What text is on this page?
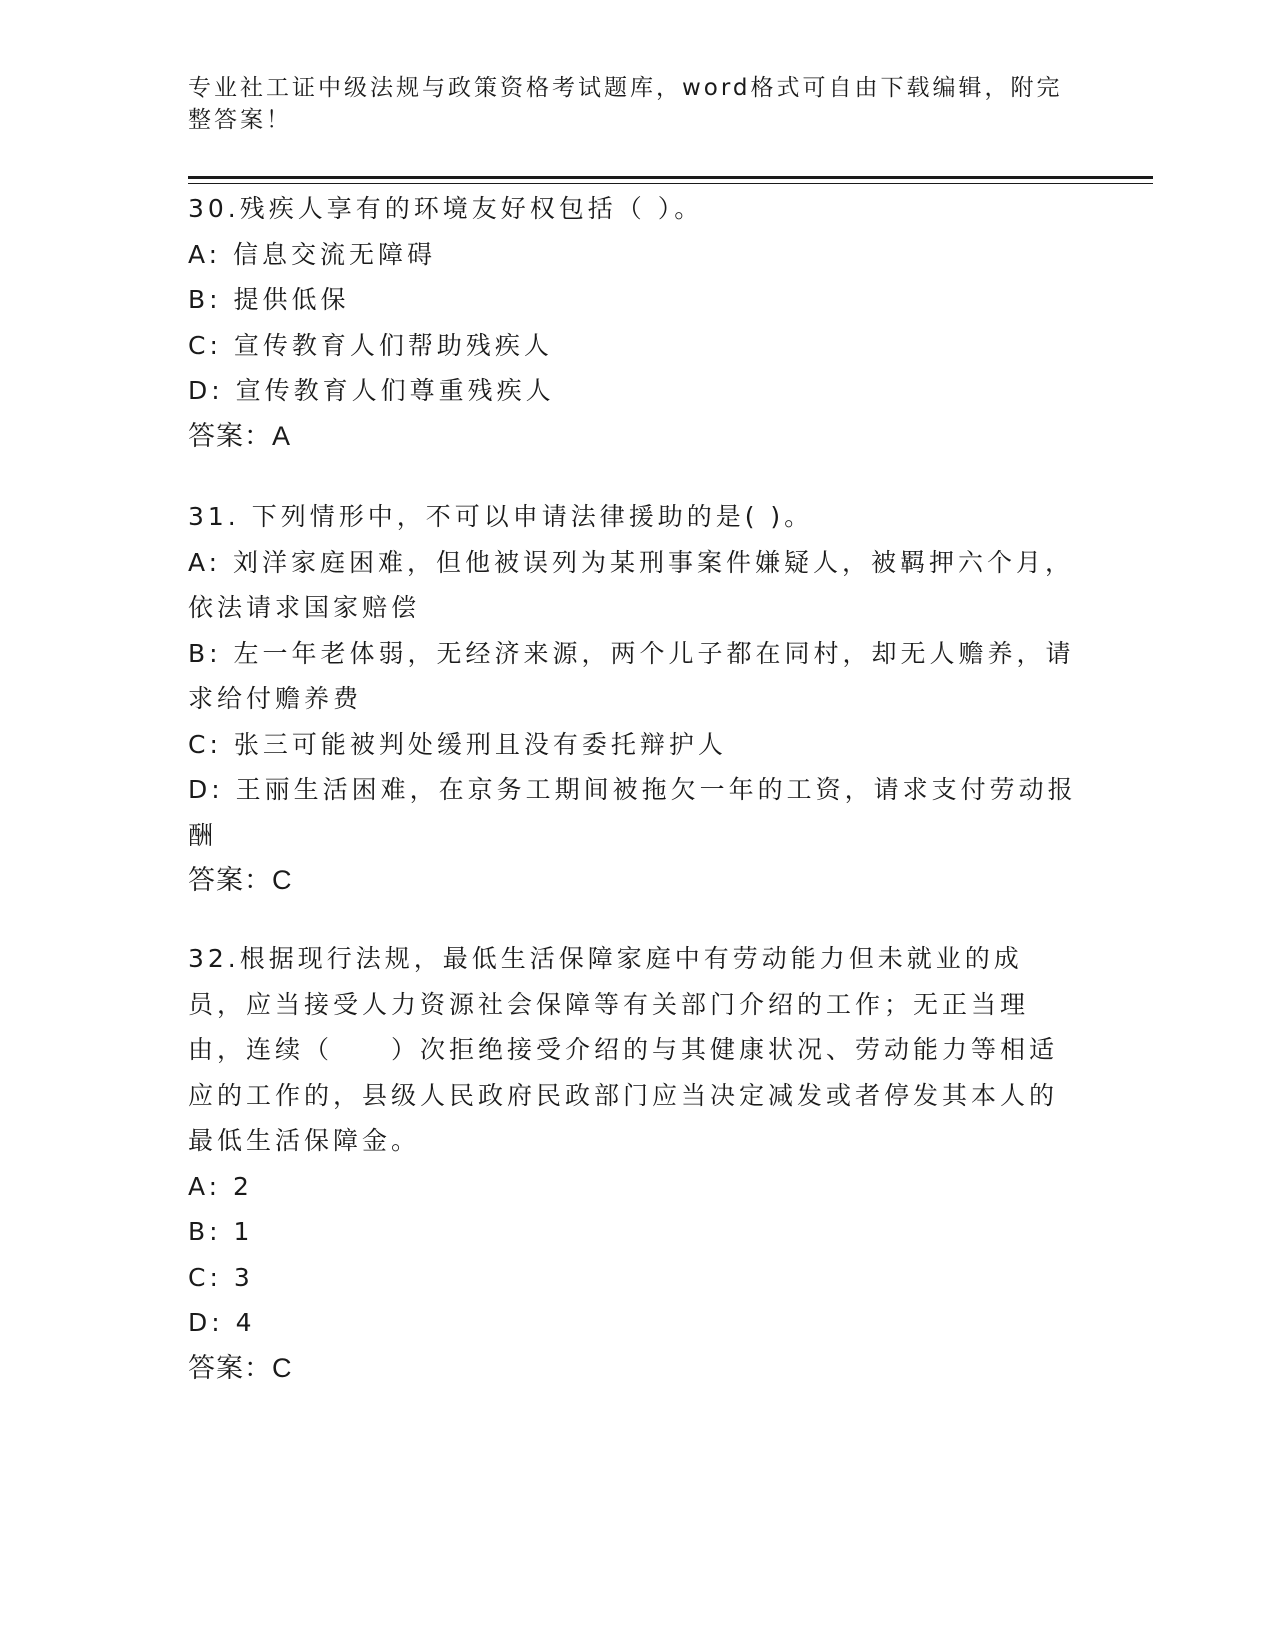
专业社工证中级法规与政策资格考试题库，word格式可自由下载编辑，附完整答案！
30.残疾人享有的环境友好权包括（ ）。
A: 信息交流无障碍
B: 提供低保
C: 宣传教育人们帮助残疾人
D: 宣传教育人们尊重残疾人
答案：A
31. 下列情形中，不可以申请法律援助的是( )。
A: 刘洋家庭困难，但他被误列为某刑事案件嫌疑人，被羁押六个月，依法请求国家赔偿
B: 左一年老体弱，无经济来源，两个儿子都在同村，却无人赡养，请求给付赡养费
C: 张三可能被判处缓刑且没有委托辩护人
D: 王丽生活困难，在京务工期间被拖欠一年的工资，请求支付劳动报酬
答案：C
32.根据现行法规，最低生活保障家庭中有劳动能力但未就业的成员，应当接受人力资源社会保障等有关部门介绍的工作；无正当理由，连续（　　）次拒绝接受介绍的与其健康状况、劳动能力等相适应的工作的，县级人民政府民政部门应当决定减发或者停发其本人的最低生活保障金。
A: 2
B: 1
C: 3
D: 4
答案：C
